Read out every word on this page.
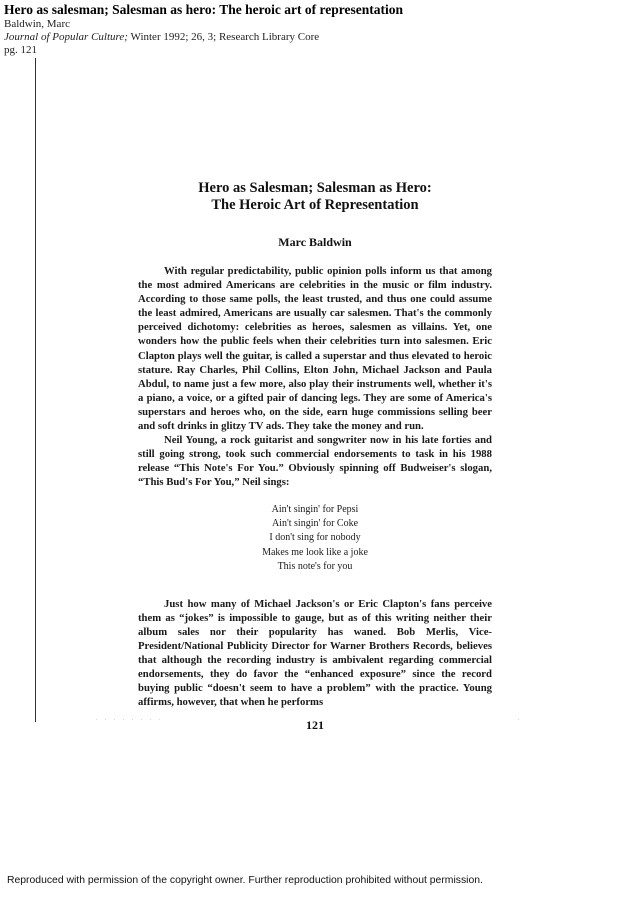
Hero as salesman; Salesman as hero: The heroic art of representation
Baldwin, Marc
Journal of Popular Culture; Winter 1992; 26, 3; Research Library Core
pg. 121
Hero as Salesman; Salesman as Hero:
The Heroic Art of Representation
Marc Baldwin

With regular predictability, public opinion polls inform us that among the most admired Americans are celebrities in the music or film industry. According to those same polls, the least trusted, and thus one could assume the least admired, Americans are usually car salesmen. That's the commonly perceived dichotomy: celebrities as heroes, salesmen as villains. Yet, one wonders how the public feels when their celebrities turn into salesmen. Eric Clapton plays well the guitar, is called a superstar and thus elevated to heroic stature. Ray Charles, Phil Collins, Elton John, Michael Jackson and Paula Abdul, to name just a few more, also play their instruments well, whether it's a piano, a voice, or a gifted pair of dancing legs. They are some of America's superstars and heroes who, on the side, earn huge commissions selling beer and soft drinks in glitzy TV ads. They take the money and run.

Neil Young, a rock guitarist and songwriter now in his late forties and still going strong, took such commercial endorsements to task in his 1988 release “This Note's For You.” Obviously spinning off Budweiser's slogan, “This Bud's For You,” Neil sings:

Ain't singin' for Pepsi
Ain't singin' for Coke
I don't sing for nobody
Makes me look like a joke
This note's for you

Just how many of Michael Jackson's or Eric Clapton's fans perceive them as “jokes” is impossible to gauge, but as of this writing neither their album sales nor their popularity has waned. Bob Merlis, Vice-President/National Publicity Director for Warner Brothers Records, believes that although the recording industry is ambivalent regarding commercial endorsements, they do favor the “enhanced exposure” since the record buying public “doesn't seem to have a problem” with the practice. Young affirms, however, that when he performs

121
. . . . . . . .	.
Reproduced with permission of the copyright owner. Further reproduction prohibited without permission.
